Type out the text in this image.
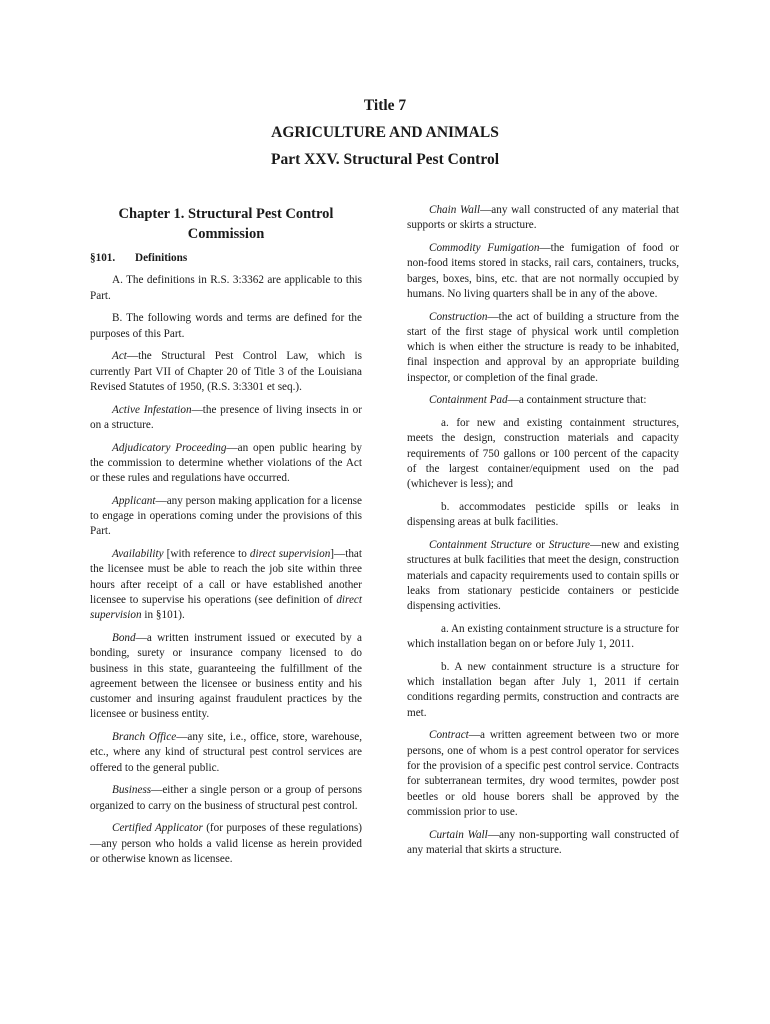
Title 7
AGRICULTURE AND ANIMALS
Part XXV. Structural Pest Control
Chapter 1. Structural Pest Control Commission
§101. Definitions

A. The definitions in R.S. 3:3362 are applicable to this Part.

B. The following words and terms are defined for the purposes of this Part.

Act—the Structural Pest Control Law, which is currently Part VII of Chapter 20 of Title 3 of the Louisiana Revised Statutes of 1950, (R.S. 3:3301 et seq.).

Active Infestation—the presence of living insects in or on a structure.

Adjudicatory Proceeding—an open public hearing by the commission to determine whether violations of the Act or these rules and regulations have occurred.

Applicant—any person making application for a license to engage in operations coming under the provisions of this Part.

Availability [with reference to direct supervision]—that the licensee must be able to reach the job site within three hours after receipt of a call or have established another licensee to supervise his operations (see definition of direct supervision in §101).

Bond—a written instrument issued or executed by a bonding, surety or insurance company licensed to do business in this state, guaranteeing the fulfillment of the agreement between the licensee or business entity and his customer and insuring against fraudulent practices by the licensee or business entity.

Branch Office—any site, i.e., office, store, warehouse, etc., where any kind of structural pest control services are offered to the general public.

Business—either a single person or a group of persons organized to carry on the business of structural pest control.

Certified Applicator (for purposes of these regulations)—any person who holds a valid license as herein provided or otherwise known as licensee.

Chain Wall—any wall constructed of any material that supports or skirts a structure.

Commodity Fumigation—the fumigation of food or non-food items stored in stacks, rail cars, containers, trucks, barges, boxes, bins, etc. that are not normally occupied by humans. No living quarters shall be in any of the above.

Construction—the act of building a structure from the start of the first stage of physical work until completion which is when either the structure is ready to be inhabited, final inspection and approval by an appropriate building inspector, or completion of the final grade.

Containment Pad—a containment structure that:

a. for new and existing containment structures, meets the design, construction materials and capacity requirements of 750 gallons or 100 percent of the capacity of the largest container/equipment used on the pad (whichever is less); and

b. accommodates pesticide spills or leaks in dispensing areas at bulk facilities.

Containment Structure or Structure—new and existing structures at bulk facilities that meet the design, construction materials and capacity requirements used to contain spills or leaks from stationary pesticide containers or pesticide dispensing activities.

a. An existing containment structure is a structure for which installation began on or before July 1, 2011.

b. A new containment structure is a structure for which installation began after July 1, 2011 if certain conditions regarding permits, construction and contracts are met.

Contract—a written agreement between two or more persons, one of whom is a pest control operator for services for the provision of a specific pest control service. Contracts for subterranean termites, dry wood termites, powder post beetles or old house borers shall be approved by the commission prior to use.

Curtain Wall—any non-supporting wall constructed of any material that skirts a structure.
